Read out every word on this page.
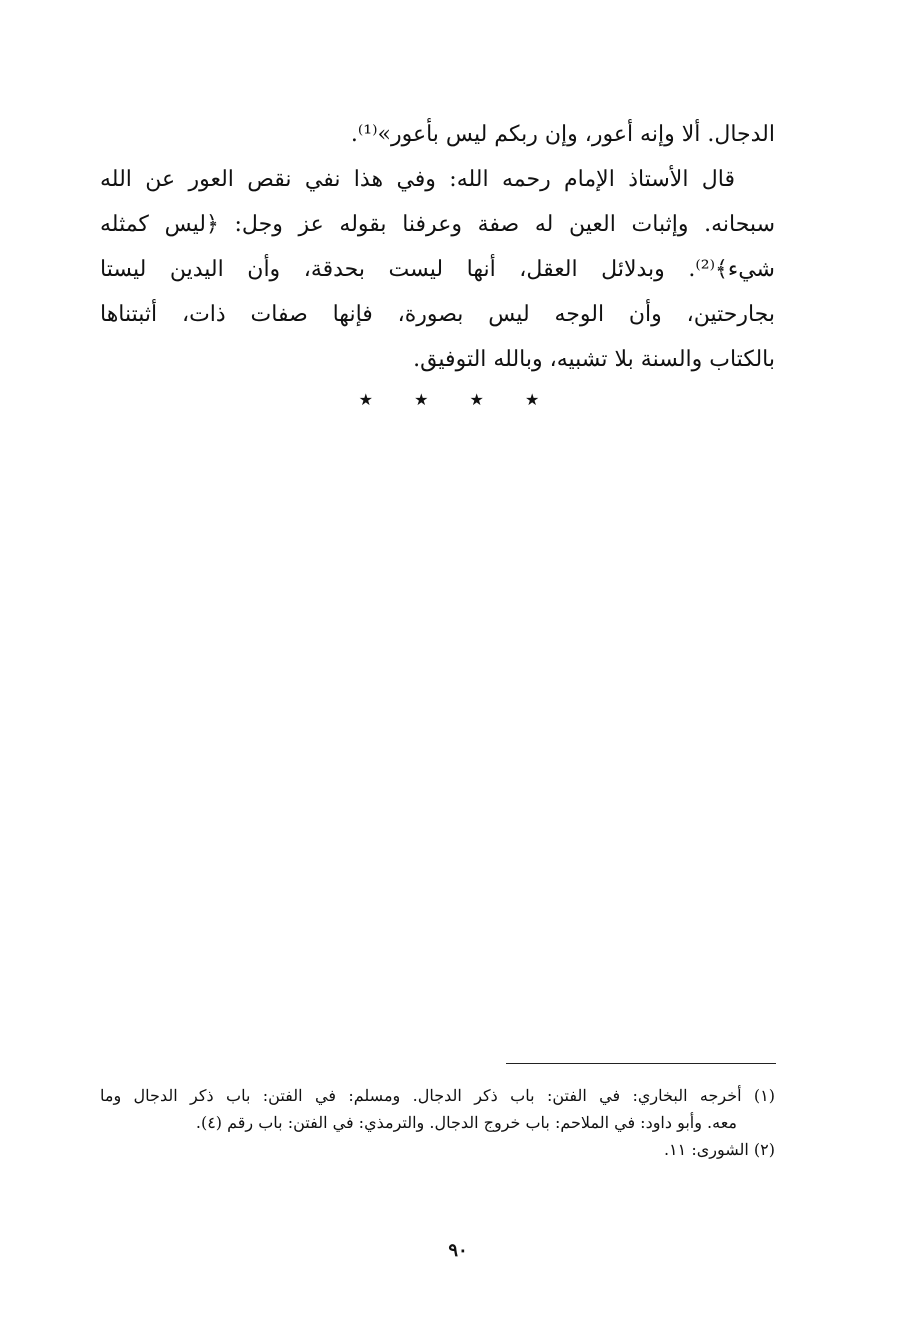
الدجال. ألا وإنه أعور، وإن ربكم ليس بأعور»⁽¹⁾.
قال الأستاذ الإمام رحمه الله: وفي هذا نفي نقص العور عن الله
سبحانه. وإثبات العين له صفة وعرفنا بقوله عز وجل: ﴿ليس كمثله
شيء﴾⁽²⁾. وبدلائل العقل، أنها ليست بحدقة، وأن اليدين ليستا
بجارحتين، وأن الوجه ليس بصورة، فإنها صفات ذات، أثبتناها
بالكتاب والسنة بلا تشبيه، وبالله التوفيق.
★ ★ ★ ★
(١) أخرجه البخاري: في الفتن: باب ذكر الدجال. ومسلم: في الفتن: باب ذكر الدجال وما
معه. وأبو داود: في الملاحم: باب خروج الدجال. والترمذي: في الفتن: باب رقم (٤).
(٢) الشورى: ١١.
٩٠
